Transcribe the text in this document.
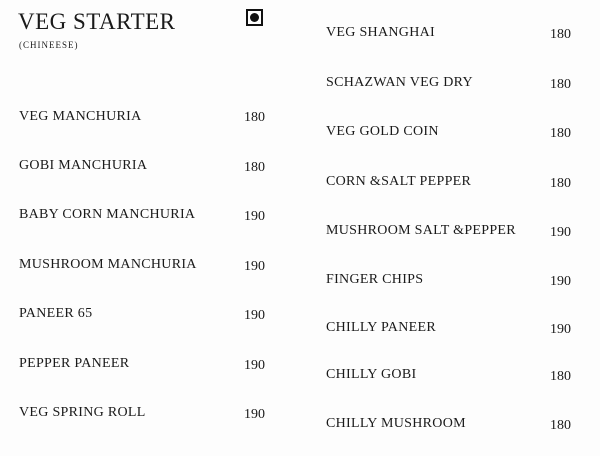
VEG STARTER
(CHINEESE)
VEG MANCHURIA	180
GOBI MANCHURIA	180
BABY CORN MANCHURIA	190
MUSHROOM MANCHURIA	190
PANEER 65	190
PEPPER PANEER	190
VEG SPRING ROLL	190
VEG SHANGHAI	180
SCHAZWAN VEG DRY	180
VEG GOLD COIN	180
CORN &SALT PEPPER	180
MUSHROOM SALT &PEPPER 190
FINGER CHIPS	190
CHILLY PANEER	190
CHILLY GOBI	180
CHILLY MUSHROOM	180
